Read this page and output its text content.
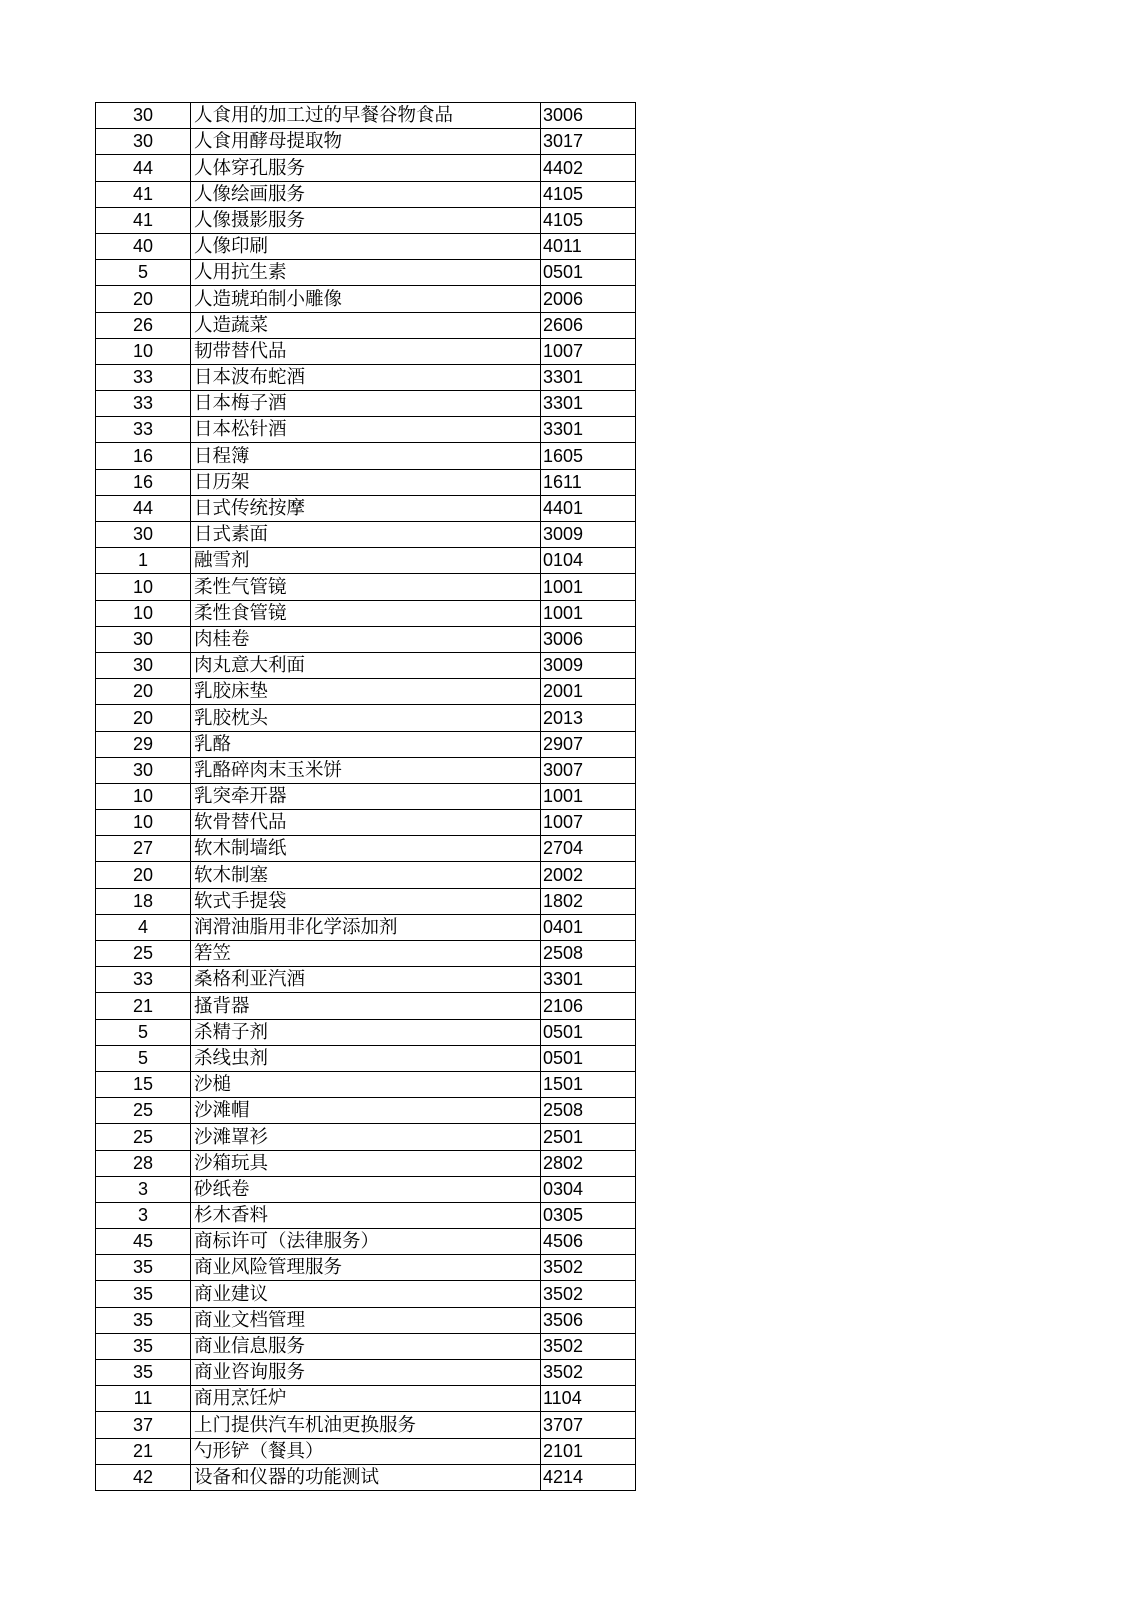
30	人食用的加工过的早餐谷物食品	3006
30	人食用酵母提取物	3017
44	人体穿孔服务	4402
41	人像绘画服务	4105
41	人像摄影服务	4105
40	人像印刷	4011
5	人用抗生素	0501
20	人造琥珀制小雕像	2006
26	人造蔬菜	2606
10	韧带替代品	1007
33	日本波布蛇酒	3301
33	日本梅子酒	3301
33	日本松针酒	3301
16	日程簿	1605
16	日历架	1611
44	日式传统按摩	4401
30	日式素面	3009
1	融雪剂	0104
10	柔性气管镜	1001
10	柔性食管镜	1001
30	肉桂卷	3006
30	肉丸意大利面	3009
20	乳胶床垫	2001
20	乳胶枕头	2013
29	乳酪	2907
30	乳酪碎肉末玉米饼	3007
10	乳突牵开器	1001
10	软骨替代品	1007
27	软木制墙纸	2704
20	软木制塞	2002
18	软式手提袋	1802
4	润滑油脂用非化学添加剂	0401
25	箬笠	2508
33	桑格利亚汽酒	3301
21	搔背器	2106
5	杀精子剂	0501
5	杀线虫剂	0501
15	沙槌	1501
25	沙滩帽	2508
25	沙滩罩衫	2501
28	沙箱玩具	2802
3	砂纸卷	0304
3	杉木香料	0305
45	商标许可（法律服务）	4506
35	商业风险管理服务	3502
35	商业建议	3502
35	商业文档管理	3506
35	商业信息服务	3502
35	商业咨询服务	3502
11	商用烹饪炉	1104
37	上门提供汽车机油更换服务	3707
21	勺形铲（餐具）	2101
42	设备和仪器的功能测试	4214
